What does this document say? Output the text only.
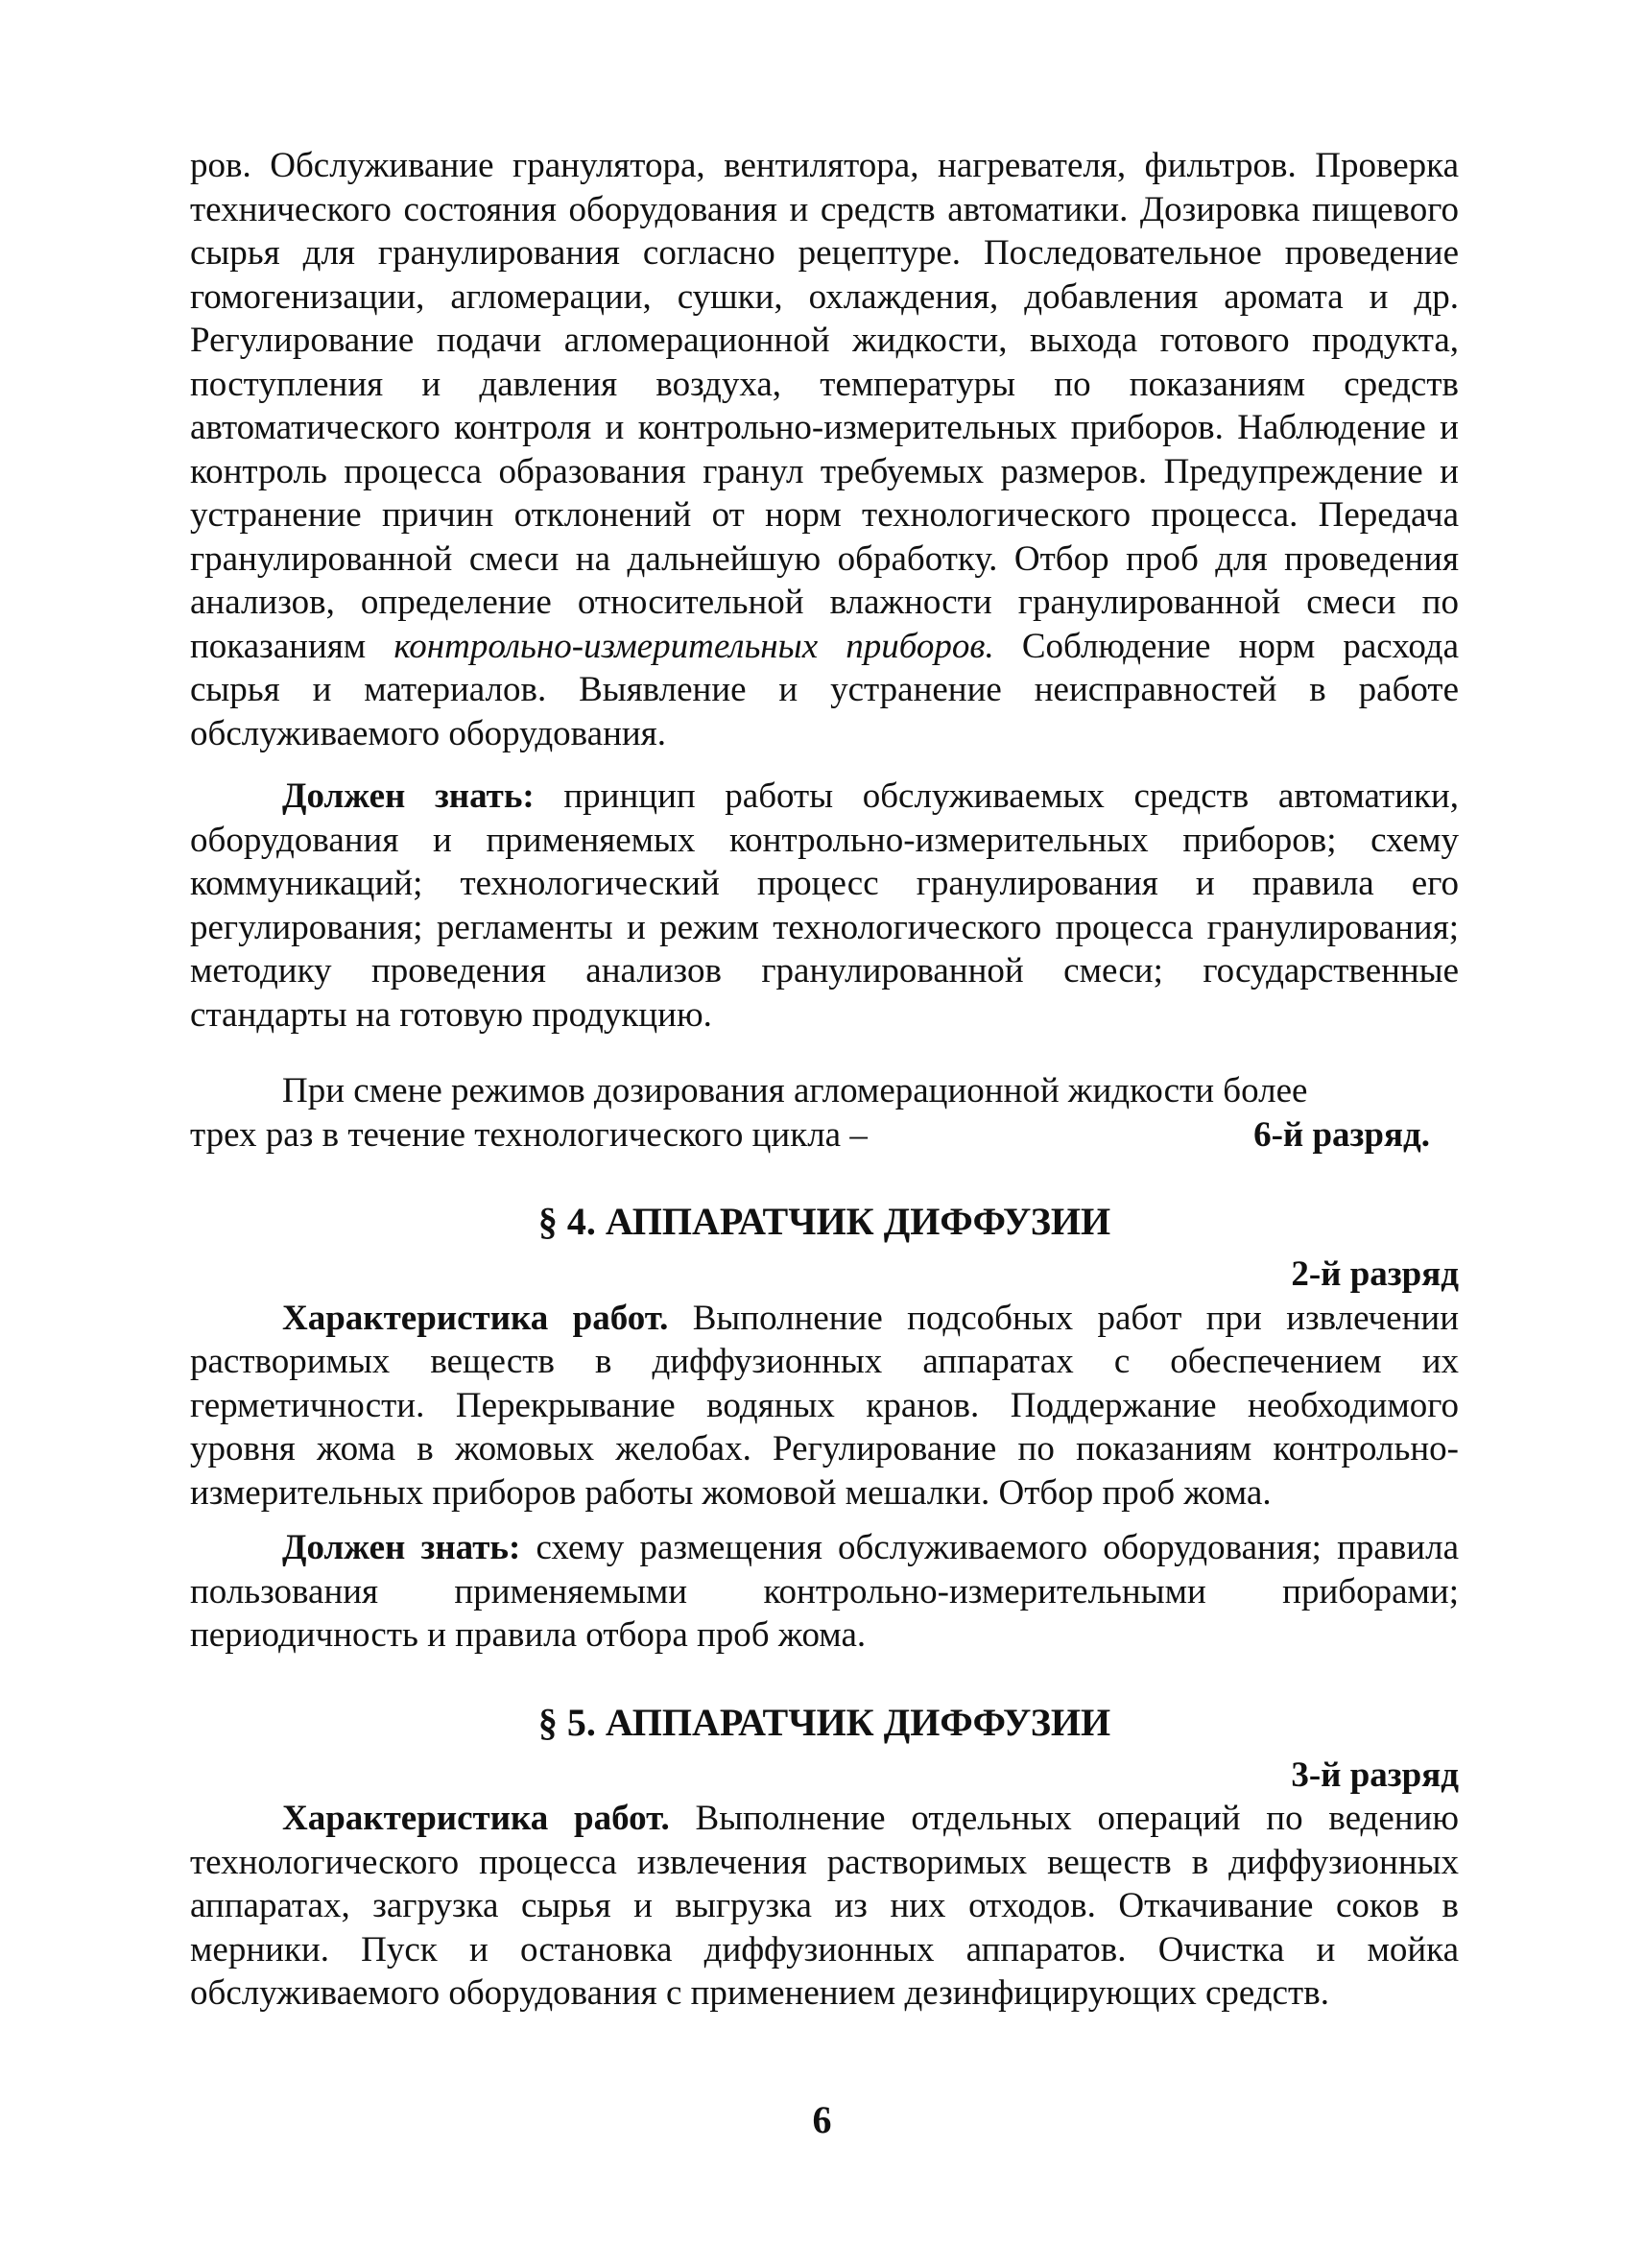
ров. Обслуживание гранулятора, вентилятора, нагревателя, фильтров. Проверка технического состояния оборудования и средств автоматики. Дозировка пищевого сырья для гранулирования согласно рецептуре. Последовательное проведение гомогенизации, агломерации, сушки, охлаждения, добавления аромата и др. Регулирование подачи агломерационной жидкости, выхода готового продукта, поступления и давления воздуха, температуры по показаниям средств автоматического контроля и контрольно-измерительных приборов. Наблюдение и контроль процесса образования гранул требуемых размеров. Предупреждение и устранение причин отклонений от норм технологического процесса. Передача гранулированной смеси на дальнейшую обработку. Отбор проб для проведения анализов, определение относительной влажности гранулированной смеси по показаниям контрольно-измерительных приборов. Соблюдение норм расхода сырья и материалов. Выявление и устранение неисправностей в работе обслуживаемого оборудования.

Должен знать: принцип работы обслуживаемых средств автоматики, оборудования и применяемых контрольно-измерительных приборов; схему коммуникаций; технологический процесс гранулирования и правила его регулирования; регламенты и режим технологического процесса гранулирования; методику проведения анализов гранулированной смеси; государственные стандарты на готовую продукцию.

При смене режимов дозирования агломерационной жидкости более

трех раз в течение технологического цикла –	6-й разряд.
§ 4. АППАРАТЧИК ДИФФУЗИИ
2-й разряд

Характеристика работ. Выполнение подсобных работ при извлечении растворимых веществ в диффузионных аппаратах с обеспечением их герметичности. Перекрывание водяных кранов. Поддержание необходимого уровня жома в жомовых желобах. Регулирование по показаниям контрольно-измерительных приборов работы жомовой мешалки. Отбор проб жома.

Должен знать: схему размещения обслуживаемого оборудования; правила пользования применяемыми контрольно-измерительными приборами; периодичность и правила отбора проб жома.

§ 5. АППАРАТЧИК ДИФФУЗИИ
3-й разряд

Характеристика работ. Выполнение отдельных операций по ведению технологического процесса извлечения растворимых веществ в диффузионных аппаратах, загрузка сырья и выгрузка из них отходов. Откачивание соков в мерники. Пуск и остановка диффузионных аппаратов. Очистка и мойка обслуживаемого оборудования с применением дезинфицирующих средств.

6
